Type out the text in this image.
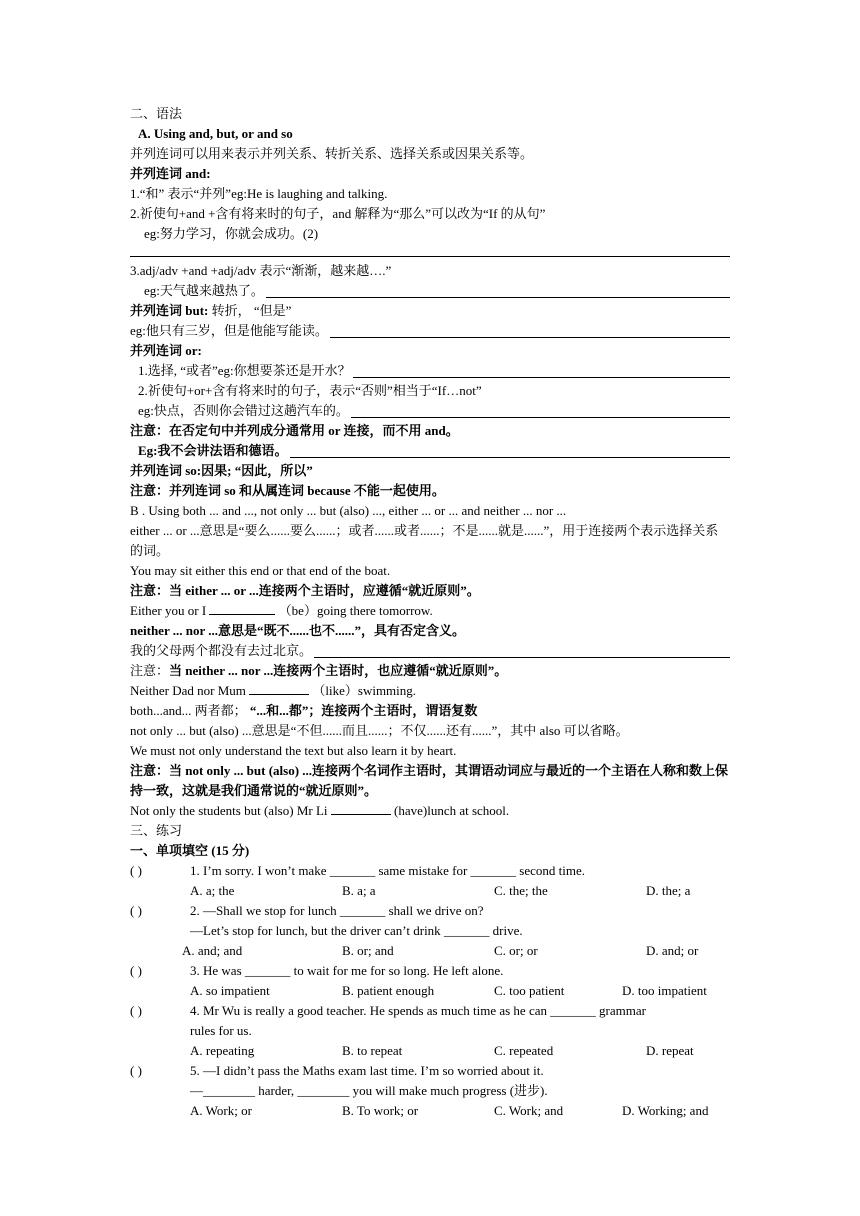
二、语法
A. Using and, but, or and so
并列连词可以用来表示并列关系、转折关系、选择关系或因果关系等。
并列连词 and:
1.“和” 表示“并列”eg:He is laughing and talking.
2.祈使句+and +含有将来时的句子，and 解释为“那么”可以改为“If 的从句”
eg:努力学习，你就会成功。(2)
3.adj/adv +and +adj/adv 表示“渐渐，越来越….”
eg:天气越来越热了。
并列连词 but: 转折， “但是”
eg:他只有三岁，但是他能写能读。
并列连词 or:
1.选择, “或者”eg:你想要茶还是开水？
2.祈使句+or+含有将来时的句子，表示“否则”相当于“If…not”
eg:快点，否则你会错过这趟汽车的。
注意：在否定句中并列成分通常用 or 连接，而不用 and。
Eg:我不会讲法语和德语。
并列连词 so:因果; “因此，所以”
注意：并列连词 so 和从属连词 because 不能一起使用。
B . Using both ... and ..., not only ... but (also) ..., either ... or ... and neither ... nor ...
either ... or ...意思是“要么......要么......；或者......或者......；不是......就是......”，用于连接两个表示选择关系的词。
You may sit either this end or that end of the boat.
注意：当 either ... or ...连接两个主语时，应遵循“就近原则”。
Either you or I	（be）going there tomorrow.
neither ... nor ...意思是“既不......也不......”，具有否定含义。
我的父母两个都没有去过北京。
注意：当 neither ... nor ...连接两个主语时，也应遵循“就近原则”。
Neither Dad nor Mum	（like）swimming.
both...and... 两者都； “...和...都”；连接两个主语时，谓语复数
not only ... but (also) ...意思是“不但......而且......；不仅......还有......”，其中 also 可以省略。
We must not only understand the text but also learn it by heart.
注意：当 not only ... but (also) ...连接两个名词作主语时，其谓语动词应与最近的一个主语在人称和数上保持一致，这就是我们通常说的“就近原则”。
Not only the students but (also) Mr Li	(have)lunch at school.
三、练习
一、单项填空 (15 分)
( )	1. I’m sorry. I won’t make _______ same mistake for _______ second time.
A. a; the	B. a; a	C. the; the	D. the; a
( )	2. —Shall we stop for lunch _______ shall we drive on?
—Let’s stop for lunch, but the driver can’t drink _______ drive.
A. and; and	B. or; and	C. or; or	D. and; or
( )	3. He was _______ to wait for me for so long. He left alone.
A. so impatient	B. patient enough	C. too patient	D. too impatient
( )	4. Mr Wu is really a good teacher. He spends as much time as he can _______ grammar
rules for us.
A. repeating	B. to repeat	C. repeated	D. repeat
( )	5. —I didn’t pass the Maths exam last time. I’m so worried about it.
—________ harder, ________ you will make much progress (进步).
A. Work; or	B. To work; or	C. Work; and	D. Working; and
